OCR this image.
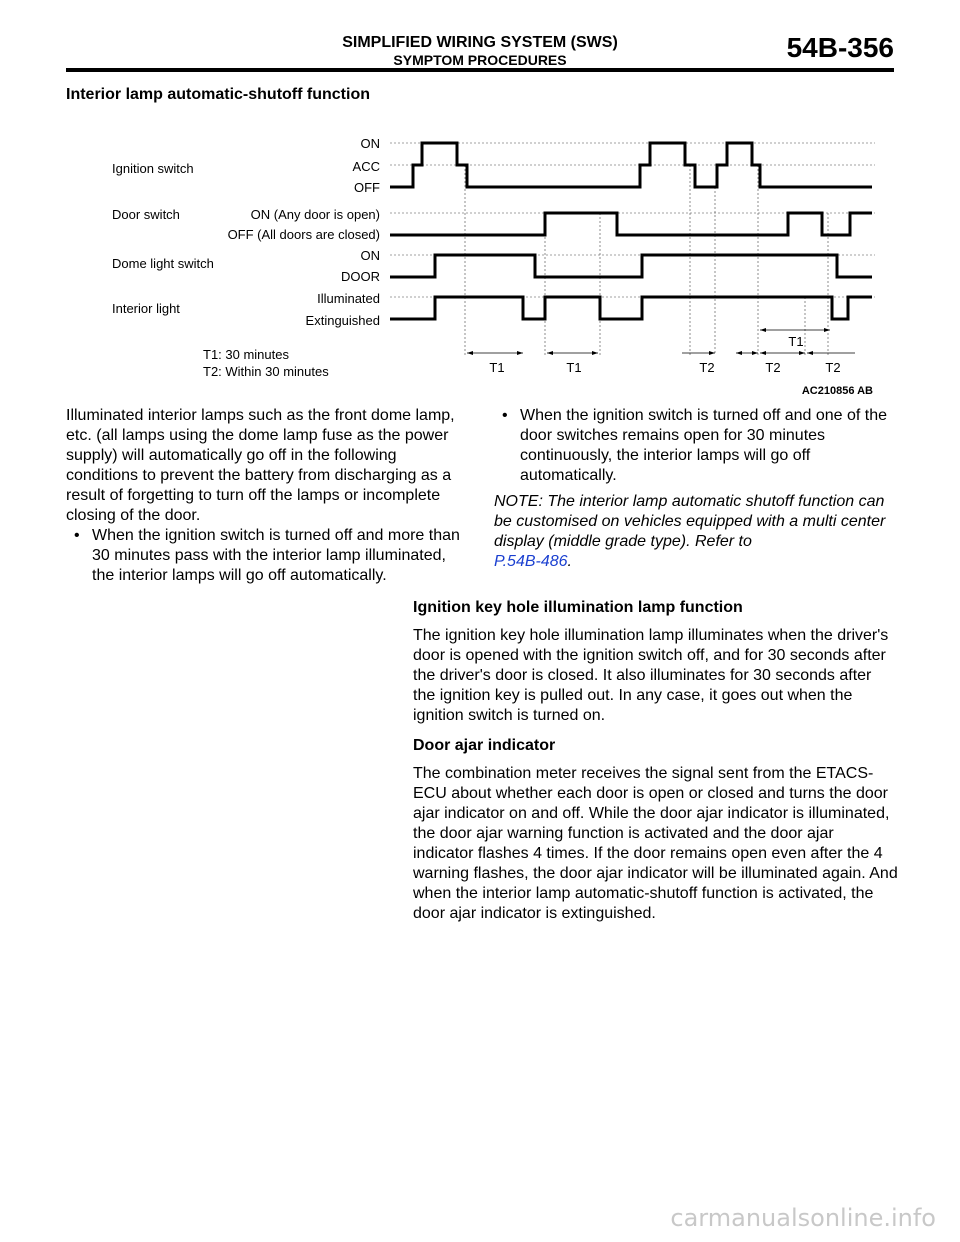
SIMPLIFIED WIRING SYSTEM (SWS)
SYMPTOM PROCEDURES	54B-356
Interior lamp automatic-shutoff function
Ignition switch
Door switch
Dome light switch
Interior light
ON
ACC
OFF
ON (Any door is open)
OFF (All doors are closed)
ON
DOOR
Illuminated
Extinguished
T1: 30 minutes
T2: Within 30 minutes	T1	T1	T2	T2
T1
T2
AC210856 AB

Illuminated interior lamps such as the front dome lamp, etc. (all lamps using the dome lamp fuse as the power supply) will automatically go off in the following conditions to prevent the battery from discharging as a result of forgetting to turn off the lamps or incomplete closing of the door.

• When the ignition switch is turned off and more than 30 minutes pass with the interior lamp illuminated, the interior lamps will go off automatically.
• When the ignition switch is turned off and one of the door switches remains open for 30 minutes continuously, the interior lamps will go off automatically.

NOTE: The interior lamp automatic shutoff function can be customised on vehicles equipped with a multi center display (middle grade type). Refer to
P.54B-486.

Ignition key hole illumination lamp function

The ignition key hole illumination lamp illuminates when the driver's door is opened with the ignition switch off, and for 30 seconds after the driver's door is closed. It also illuminates for 30 seconds after the ignition key is pulled out. In any case, it goes out when the ignition switch is turned on.

Door ajar indicator

The combination meter receives the signal sent from the ETACS-ECU about whether each door is open or closed and turns the door ajar indicator on and off. While the door ajar indicator is illuminated, the door ajar warning function is activated and the door ajar indicator flashes 4 times. If the door remains open even after the 4 warning flashes, the door ajar indicator will be illuminated again. And when the interior lamp automatic-shutoff function is activated, the door ajar indicator is extinguished.

carmanualsonline.info
